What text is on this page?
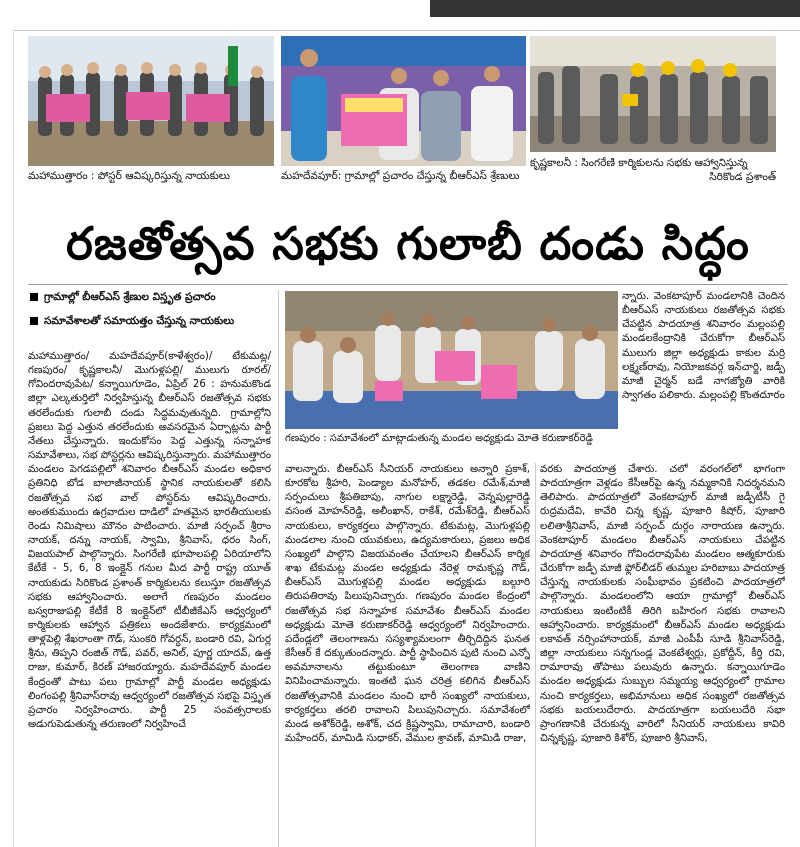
మహాముత్తారం : పోస్టర్ ఆవిష్కరిస్తున్న నాయకులు	మహదేవపూర్: గ్రామాల్లో ప్రచారం చేస్తున్న బీఆర్ఎస్ శ్రేణులు
కృష్ణకాలనీ : సింగరేణి కార్మికులను సభకు ఆహ్వానిస్తున్న
సిరికొండ ప్రశాంత్
రజతోత్సవ సభకు గులాబీ దండు సిద్ధం
గ్రామాల్లో బీఆర్ఎస్ శ్రేణుల విస్తృత ప్రచారం
సమావేశాలతో సమాయత్తం చేస్తున్న నాయకులు
గణపురం : సమావేశంలో మాట్లాడుతున్న మండల అధ్యక్షుడు మోతె కరుణాకర్‌రెడ్డి

మహాముత్తారం/ మహదేవపూర్(కాళేశ్వరం)/ టేకుమట్ల/ గణపురం/ కృష్ణకాలనీ/ మొగుళ్లపల్లి/ ములుగు రూరల్/ గోవిందరావుపేట/ కన్నాయిగూడెం, ఏప్రిల్ 26 : హనుమకొండ జిల్లా ఎల్కతుర్తిలో నిర్వహిస్తున్న బీఆర్ఎస్ రజతోత్సవ సభకు తరలేందుకు గులాబీ దండు సిద్ధమవుతున్నది. గ్రామాల్లోని ప్రజలు పెద్ద ఎత్తున తరలేందుకు అవసరమైన ఏర్పాట్లను పార్టీ నేతలు చేస్తున్నారు. ఇందుకోసం పెద్ద ఎత్తున్న సన్నాహక సమావేశాలు, సభ పోస్టర్లను ఆవిష్కరిస్తున్నారు. మహాముత్తారం మండలం పెగడపల్లిలో శనివారం బీఆర్ఎస్ మండల అధికార ప్రతినిధి బోడ బాలాజీనాయక్ స్థానిక నాయకులతో కలిసి రజతోత్సవ సభ వాల్ పోస్టర్‌ను ఆవిష్కరించారు. అంతకుముందు ఉగ్రవాదుల దాడిలో హతమైన భారతీయులకు రెండు నిమిషాలు మౌనం పాటించారు. మాజీ సర్పంచ్ శ్రీరాం నాయక్, దన్ను నాయక్, స్వామి, శ్రీనివాస్, ధరం సింగ్, విజయపాల్ పాల్గొన్నారు. సింగరేణి భూపాలపల్లి ఏరియాలోని కేటీకే - 5, 6, 8 ఇంక్లైన్ గనుల మీద పార్టీ రాష్ట్ర యూత్ నాయకుడు సిరికొండ ప్రశాంత్ కార్మికులను కలుస్తూ రజతోత్సవ సభకు ఆహ్వానించారు. అలాగే గణపురం మండలం బస్వరాజుపల్లి కేటీకే 8 ఇంక్లైన్‌లో టీబీజీకేఎస్ ఆధ్వర్యంలో కార్మికులకు ఆహ్వాన పత్రికలు అందజేశారు. కార్యక్రమంలో తాళ్లపెల్లి శేఖరాంతా గౌడ్, సుంకరి గోవర్ధన్, బండారి రవి, ఏగుర్ల శ్రీను, తిప్పని రంజిత్ గౌడ్, పవర్, అనిల్, పూర్ణ యాదవ్, ఉత్త రాజు, కుమార్, కిరణ్ హాజరయ్యారు. మహదేవపూర్ మండల కేంద్రంతో పాటు పలు గ్రామాల్లో పార్టీ మండల అధ్యక్షుడు లింగంపల్లి శ్రీనివాస్‌రావు ఆధ్వర్యంలో రజతోత్సవ సభపై విస్తృత ప్రచారం నిర్వహించారు. పార్టీ 25 సంవత్సరాలకు అడుగుపెడుతున్న తరుణంలో నిర్వహించే

వాలన్నారు. బీఆర్ఎస్ సీనియర్ నాయకులు అన్నారి ప్రకాశ్, కూరకోట శ్రీహరి, పెండ్యాల మనోహర్, తడకల రమేశ్,మాజీ సర్పంచులు శ్రీపతిబాపు, నాగుల లక్ష్మారెడ్డి, వెన్నపుల్లారెడ్డి వసంత మోహన్‌రెడ్డి, అలీంఖాన్, రాకేశ్, రమేశ్‌రెడ్డి, బీఆర్ఎస్ నాయకులు, కార్యకర్తలు పాల్గొన్నారు. టేకుమట్ల, మొగుళ్లపల్లి మండలాల నుంచి యువకులు, ఉద్యమకారులు, ప్రజలు అధిక సంఖ్యలో పాల్గొని విజయవంతం చేయాలని బీఆర్ఎస్ కార్మిక శాఖ టేకుమట్ల మండల అధ్యక్షుడు నేరెళ్ల రామకృష్ణ గౌడ్, బీఆర్ఎస్ మొగుళ్లపల్లి మండల అధ్యక్షుడు బల్గూరి తిరుపతిరావు పిలుపునిచ్చారు. గణపురం మండల కేంద్రంలో రజతోత్సవ సభ సన్నాహక సమావేశం బీఆర్ఎస్ మండల అధ్యక్షుడు మోతె కరుణాకర్‌రెడ్డి ఆధ్వర్యంలో నిర్వహించారు. పదేండ్లలో తెలంగాణను సస్యశ్యామలంగా తీర్చిదిద్దిన ఘనత కేసీఆర్ కే దక్కుతుందన్నారు. పార్టీ స్థాపించిన పుటి నుంచి ఎన్నో అవమానాలను తట్టుకుంటూ తెలంగాణ వాణిని వినిపించామన్నారు. ఇంతటి ఘన చరిత్ర కలిగిన బీఆర్ఎస్ రజతోత్సవానికి మండలం నుంచి భారీ సంఖ్యలో నాయకులు, కార్యకర్తలు తరలి రావాలని పిలుపునిచ్చారు. సమావేశంలో మండ అశోక్‌రెడ్డి, అశోక్, చద క్రిష్ణస్వామి, రామాచారి, బండారి మహేందర్, మామిడి సుధాకర్, వేముల శ్రావణ్, మామిడి రాజు,

వరకు పాదయాత్ర చేశారు. చలో వరంగల్‌లో భాగంగా పాదయాత్రగా వెళ్లడం కేసీఆర్‌పై ఉన్న నమ్మకానికి నిదర్శనమని తెలిపారు. పాదయాత్రలో వెంకటాపూర్ మాజీ జడ్పీటీసీ గై రుద్రమదేవి, కావేరి చిన్న కృష్ణ, పూజారి కిషోర్, పూజారి లలితాశ్రీనివాస్, మాజీ సర్పంచ్ దుర్గం నారాయణ ఉన్నారు. వెంకటాపూర్ మండలం బీఆర్ఎస్ నాయకులు చేపట్టిన పాదయాత్ర శనివారం గోవిందరావుపేట మండలం ఆత్మకూరుకు చేరుకోగా జడ్పీ మాజీ ఫ్లోర్‌లీడర్ తుమ్మల హరిబాబు పాదయాత్ర చేస్తున్న నాయకులకు సంఘీభావం ప్రకటించి పాదయాత్రలో పాల్గొన్నారు. మండలంలోని ఆయా గ్రామాల్లో బీఆర్ఎస్ నాయకులు ఇంటింటికీ తిరిగి బహిరంగ సభకు రావాలని ఆహ్వానించారు. కార్యక్రమంలో బీఆర్ఎస్ మండల అధ్యక్షుడు లకావత్ నర్సింహానాయక్, మాజీ ఎంపీపీ సూడి శ్రీనివాస్‌రెడ్డి, జిల్లా నాయకులు సన్నగుండ్ల వెంకటేశ్వర్లు, ప్రకోద్దీన్, కీర్తి రవి, రామారావు తోపాటు పలువురు ఉన్నారు. కన్నాయిగూడెం మండల అధ్యక్షుడు సుబ్బుల సమ్మయ్య ఆధ్వర్యంలో గ్రామాల నుంచి కార్యకర్తలు, అభిమానులు అధిక సంఖ్యలో రజతోత్సవ సభకు బయలుదేరారు. పాదయాత్రగా బయలుదేరి సభా ప్రాంగణానికి చేరుకున్న వారిలో సీనియర్ నాయకులు కావిరి చిన్నకృష్ణ, పూజారి కిశోర్, పూజారి శ్రీనివాస్,

న్నారు. వెంకటాపూర్ మండలానికి చెందిన బీఆర్ఎస్ నాయకులు రజతోత్సవ సభకు చేపట్టిన పాదయాత్ర శనివారం మల్లంపల్లి మండలకేంద్రానికి చేరుకోగా బీఆర్ఎస్ ములుగు జిల్లా అధ్యక్షుడు కాకుల మర్రి లక్ష్మణ్‌రావు, నియోజకవర్గ ఇన్‌చార్జి, జడ్పీ మాజీ చైర్మన్ బడే నాగజ్యోతి వారికి స్వాగతం పలికారు. మల్లంపల్లి కొంతదూరం
